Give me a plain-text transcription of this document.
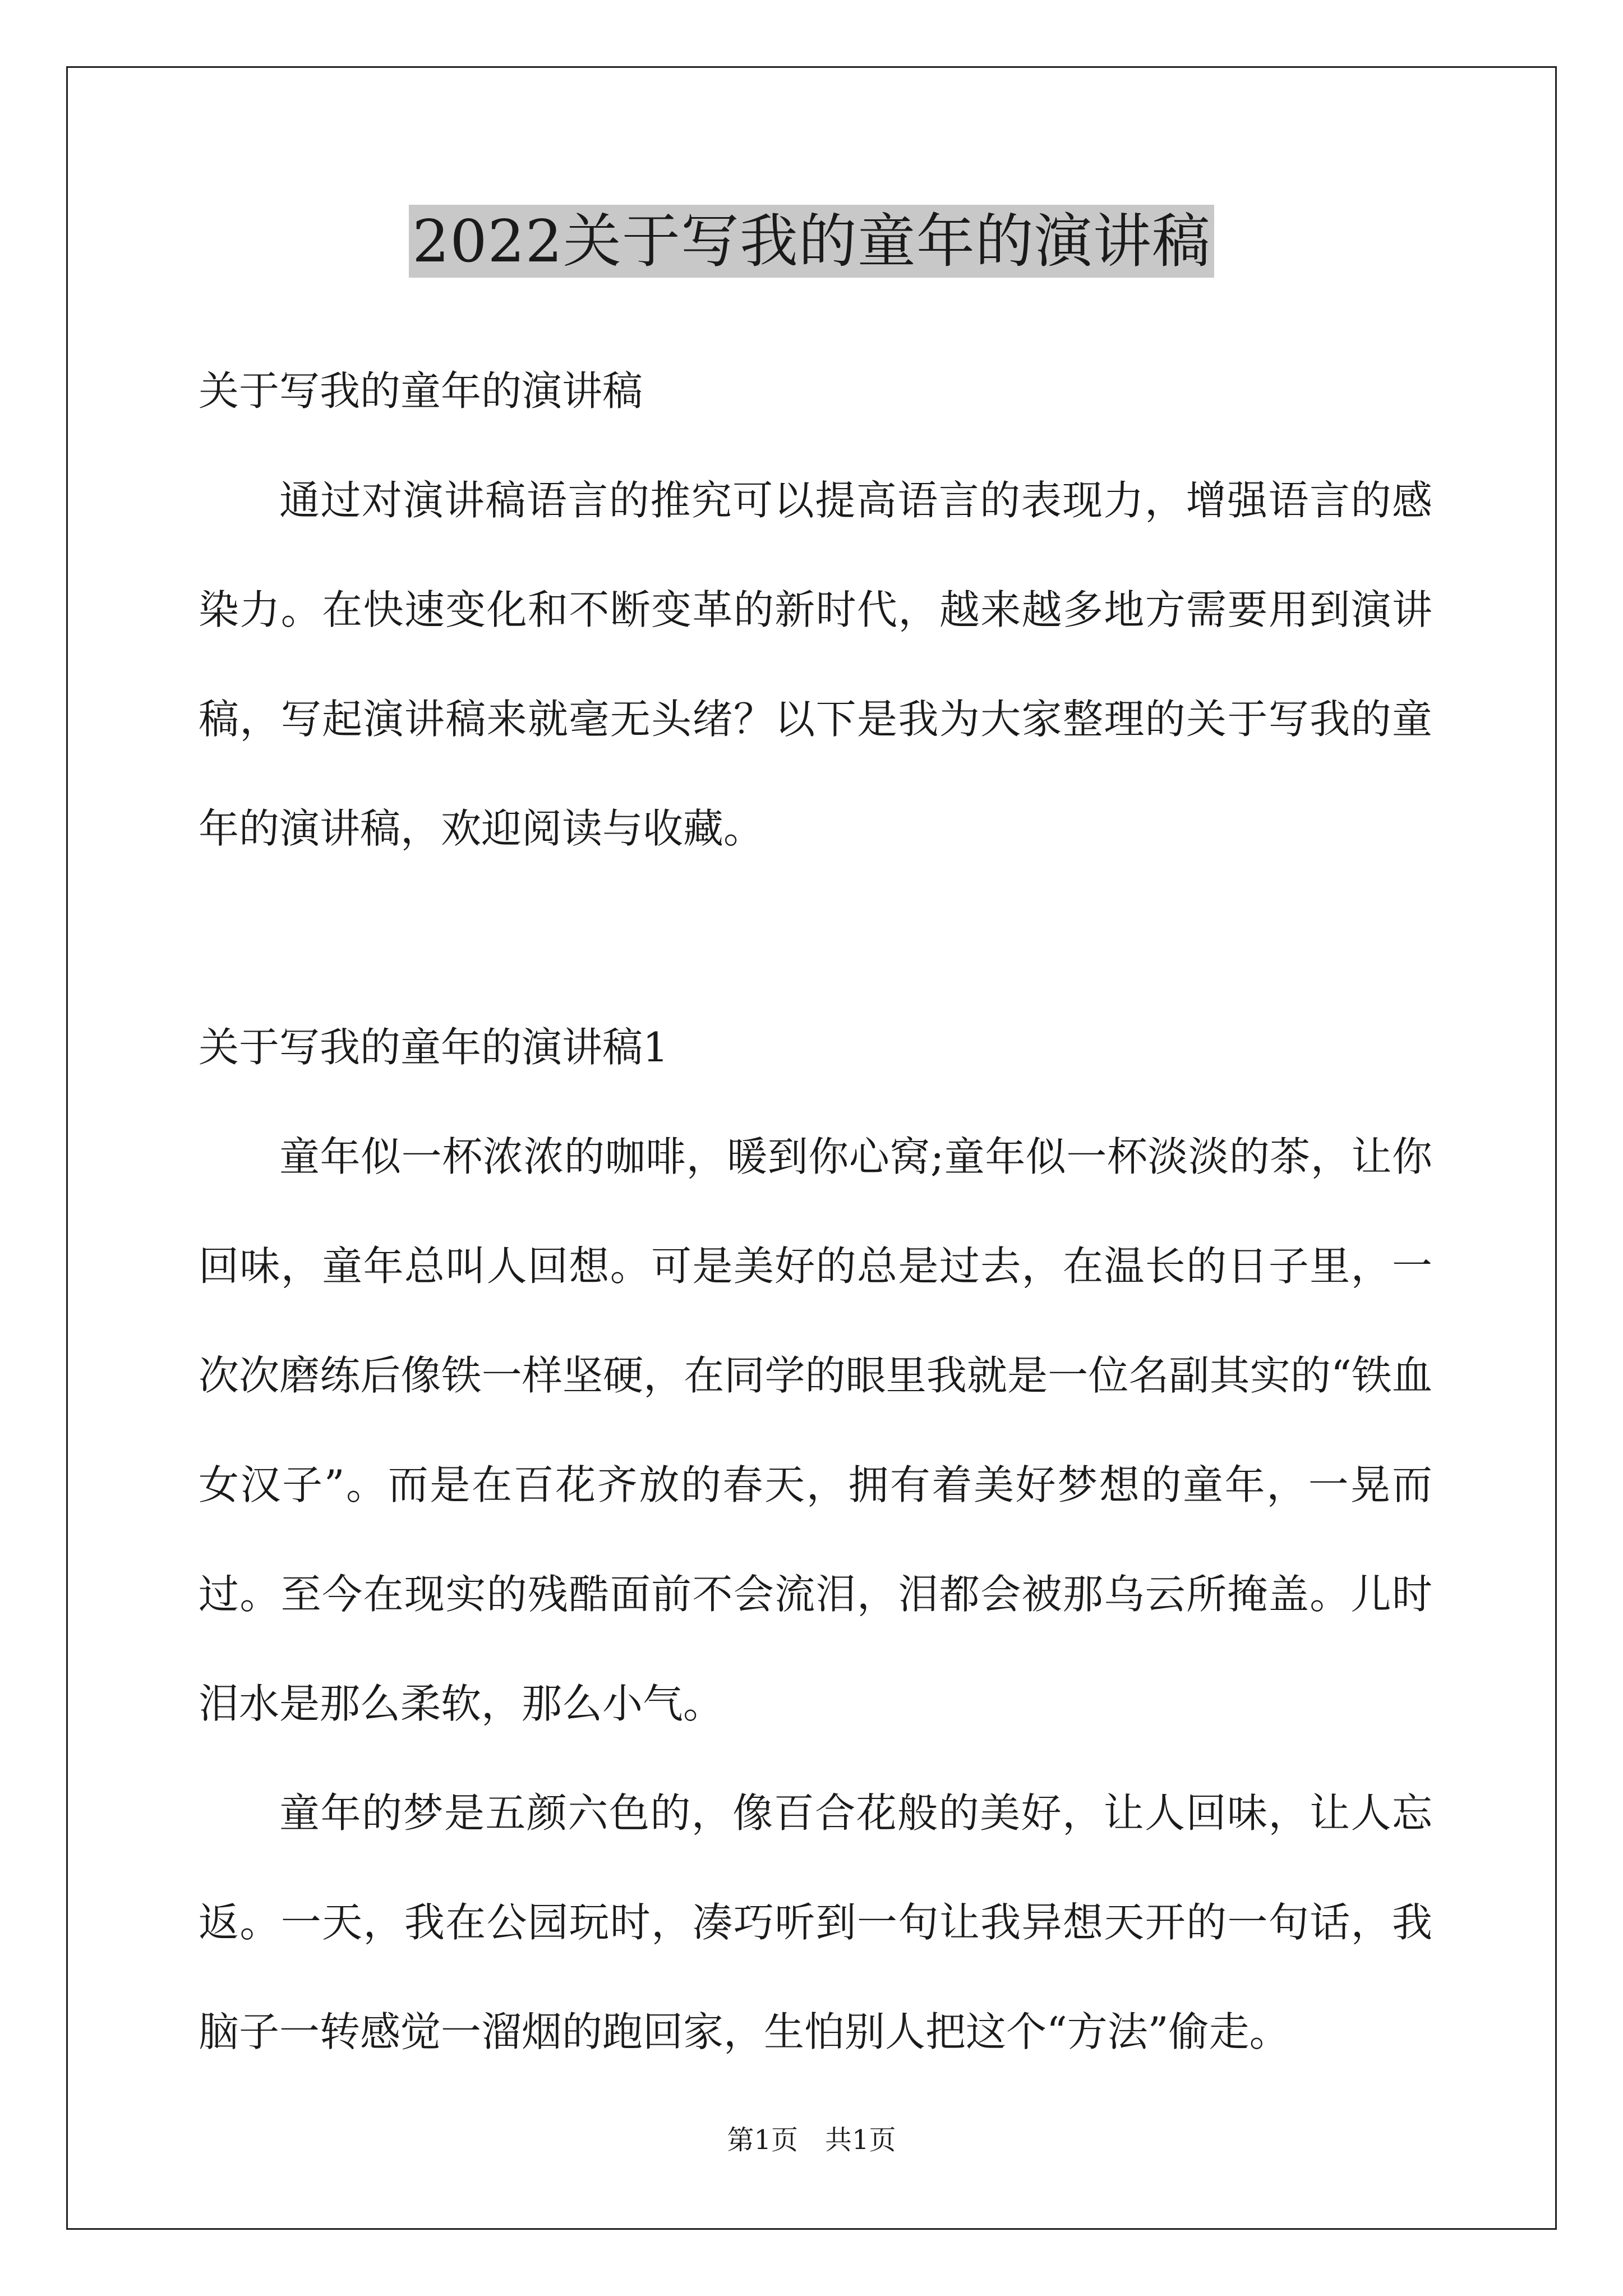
2022关于写我的童年的演讲稿

关于写我的童年的演讲稿

通过对演讲稿语言的推究可以提高语言的表现力，增强语言的感染力。在快速变化和不断变革的新时代，越来越多地方需要用到演讲稿，写起演讲稿来就毫无头绪？以下是我为大家整理的关于写我的童年的演讲稿，欢迎阅读与收藏。

关于写我的童年的演讲稿1

童年似一杯浓浓的咖啡，暖到你心窝;童年似一杯淡淡的茶，让你回味，童年总叫人回想。可是美好的总是过去，在温长的日子里，一次次磨练后像铁一样坚硬，在同学的眼里我就是一位名副其实的“铁血女汉子”。而是在百花齐放的春天，拥有着美好梦想的童年，一晃而过。至今在现实的残酷面前不会流泪，泪都会被那乌云所掩盖。儿时泪水是那么柔软，那么小气。

童年的梦是五颜六色的，像百合花般的美好，让人回味，让人忘返。一天，我在公园玩时，凑巧听到一句让我异想天开的一句话，我脑子一转感觉一溜烟的跑回家，生怕别人把这个“方法”偷走。

第1页　共1页
